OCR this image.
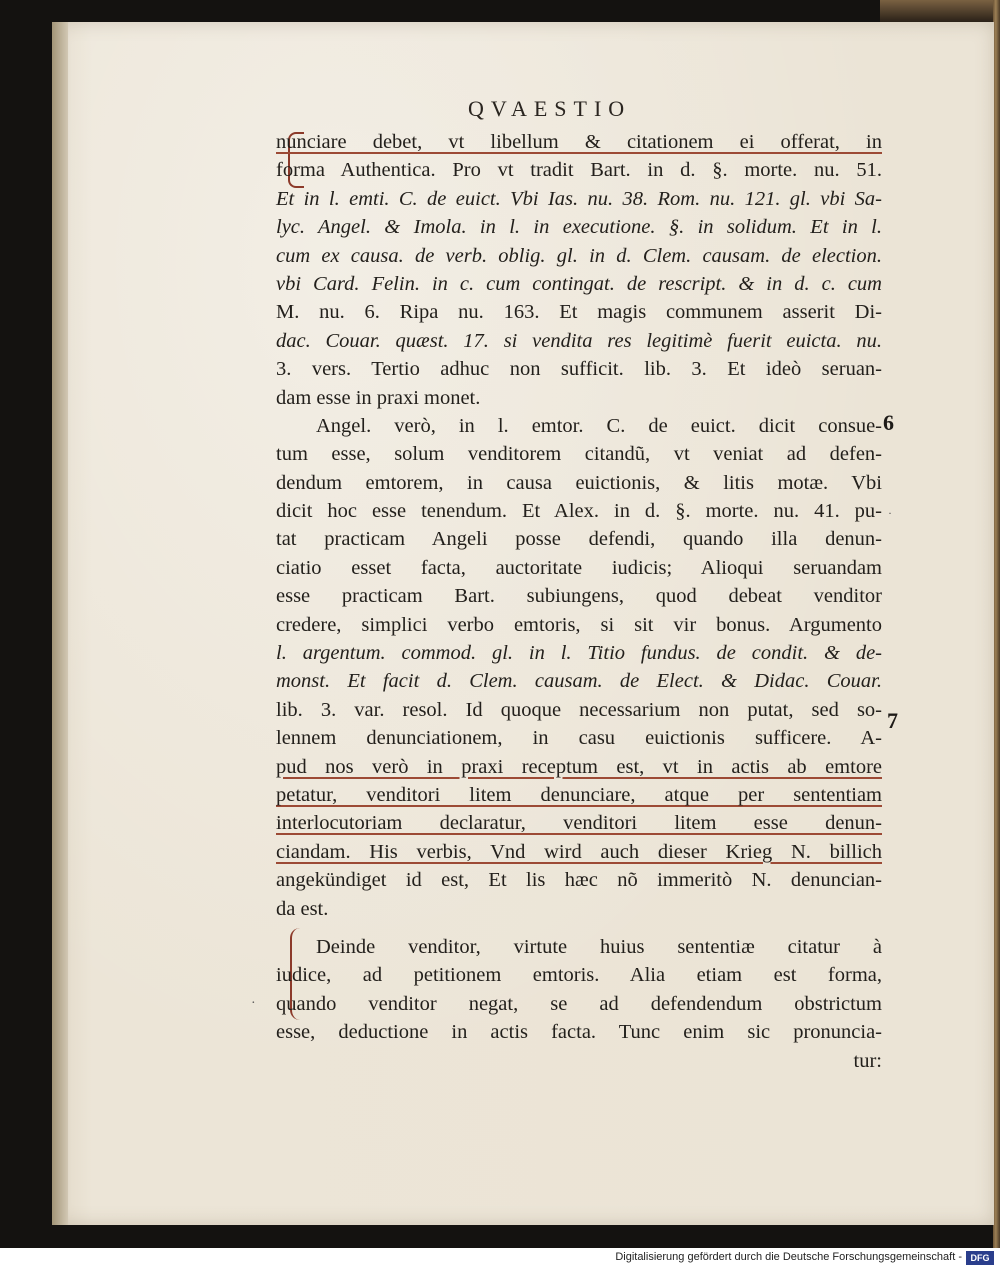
QVAESTIO
·
·
6
7
nunciare debet, vt libellum & citationem ei offerat, in
forma Authentica. Pro vt tradit Bart. in d. §. morte. nu. 51.
Et in l. emti. C. de euict. Vbi Ias. nu. 38. Rom. nu. 121. gl. vbi Sa-
lyc. Angel. & Imola. in l. in executione. §. in solidum. Et in l.
cum ex causa. de verb. oblig. gl. in d. Clem. causam. de election.
vbi Card. Felin. in c. cum contingat. de rescript. & in d. c. cum
M. nu. 6. Ripa nu. 163. Et magis communem asserit Di-
dac. Couar. quæst. 17. si vendita res legitimè fuerit euicta. nu.
3. vers. Tertio adhuc non sufficit. lib. 3. Et ideò seruan-
dam esse in praxi monet.
Angel. verò, in l. emtor. C. de euict. dicit consue-
tum esse, solum venditorem citandũ, vt veniat ad defen-
dendum emtorem, in causa euictionis, & litis motæ. Vbi
dicit hoc esse tenendum. Et Alex. in d. §. morte. nu. 41. pu-
tat practicam Angeli posse defendi, quando illa denun-
ciatio esset facta, auctoritate iudicis; Alioqui seruandam
esse practicam Bart. subiungens, quod debeat venditor
credere, simplici verbo emtoris, si sit vir bonus. Argumento
l. argentum. commod. gl. in l. Titio fundus. de condit. & de-
monst. Et facit d. Clem. causam. de Elect. & Didac. Couar.
lib. 3. var. resol. Id quoque necessarium non putat, sed so-
lennem denunciationem, in casu euictionis sufficere. A-
pud nos verò in praxi receptum est, vt in actis ab emtore
petatur, venditori litem denunciare, atque per sententiam
interlocutoriam declaratur, venditori litem esse denun-
ciandam. His verbis, Vnd wird auch dieser Krieg N. billich
angekündiget id est, Et lis hæc nõ immeritò N. denuncian-
da est.
Deinde venditor, virtute huius sententiæ citatur à
iudice, ad petitionem emtoris. Alia etiam est forma,
quando venditor negat, se ad defendendum obstrictum
esse, deductione in actis facta. Tunc enim sic pronuncia-
tur:
Digitalisierung gefördert durch die Deutsche Forschungsgemeinschaft - DFG
